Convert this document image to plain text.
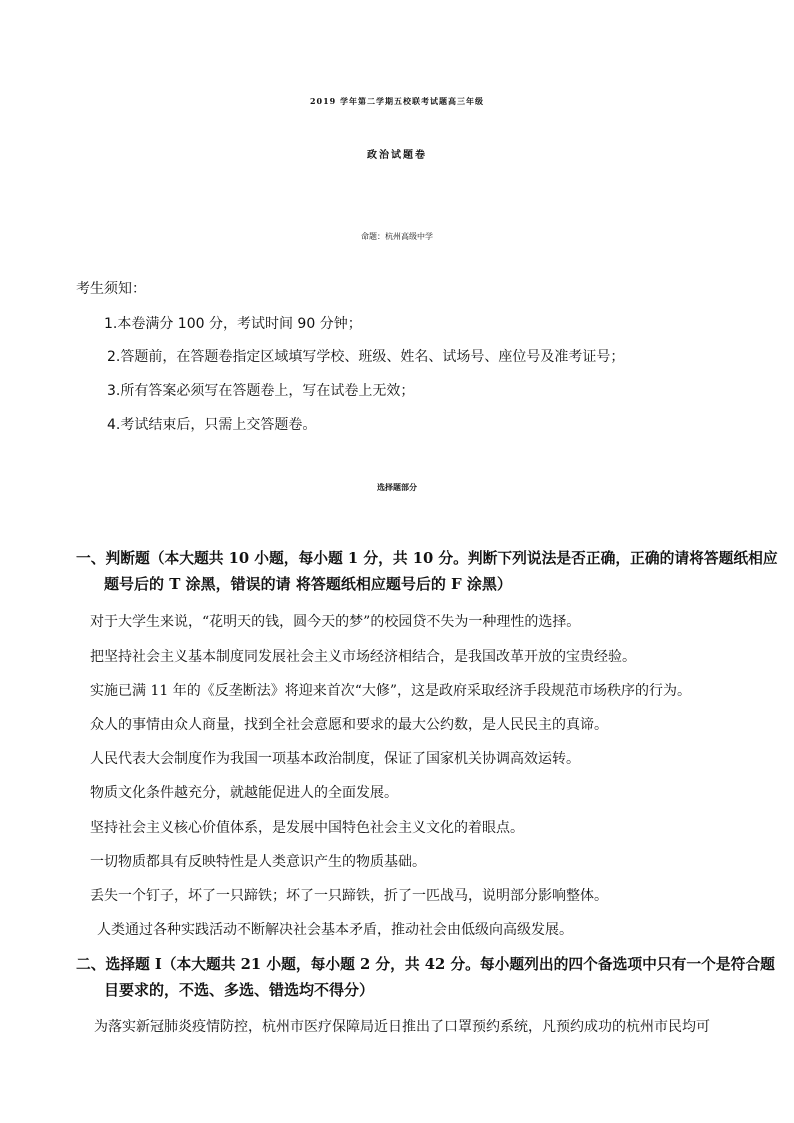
2019 学年第二学期五校联考试题高三年级
政治试题卷
命题：杭州高级中学
考生须知：
1.本卷满分 100 分，考试时间 90 分钟；
2.答题前，在答题卷指定区域填写学校、班级、姓名、试场号、座位号及准考证号；
3.所有答案必须写在答题卷上，写在试卷上无效；
4.考试结束后，只需上交答题卷。
选择题部分
一、判断题（本大题共 10 小题，每小题 1 分，共 10 分。判断下列说法是否正确，正确的请将答题纸相应
题号后的 T 涂黑，错误的请 将答题纸相应题号后的 F 涂黑）
对于大学生来说，“花明天的钱，圆今天的梦”的校园贷不失为一种理性的选择。
把坚持社会主义基本制度同发展社会主义市场经济相结合，是我国改革开放的宝贵经验。
实施已满 11 年的《反垄断法》将迎来首次“大修”，这是政府采取经济手段规范市场秩序的行为。
众人的事情由众人商量，找到全社会意愿和要求的最大公约数，是人民民主的真谛。
人民代表大会制度作为我国一项基本政治制度，保证了国家机关协调高效运转。
物质文化条件越充分，就越能促进人的全面发展。
坚持社会主义核心价值体系，是发展中国特色社会主义文化的着眼点。
一切物质都具有反映特性是人类意识产生的物质基础。
丢失一个钉子，坏了一只蹄铁；坏了一只蹄铁，折了一匹战马，说明部分影响整体。
人类通过各种实践活动不断解决社会基本矛盾，推动社会由低级向高级发展。
二、选择题 I（本大题共 21 小题，每小题 2 分，共 42 分。每小题列出的四个备选项中只有一个是符合题
目要求的，不选、多选、错选均不得分）
为落实新冠肺炎疫情防控，杭州市医疗保障局近日推出了口罩预约系统，凡预约成功的杭州市民均可
